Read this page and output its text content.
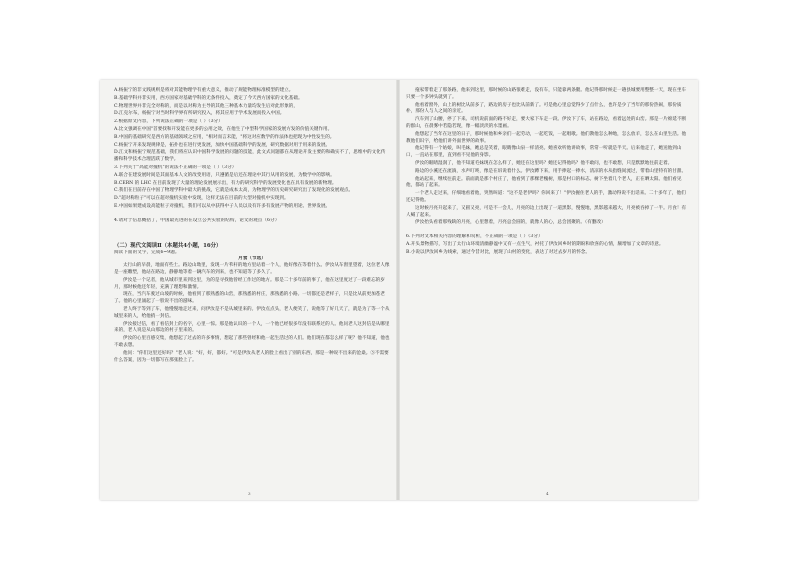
A.杨振宁的非文践规则是将对其能物理学有重大意义，推动了规能物理标准模型的建立。
B.基础学科并非实用，西方国家对基础学科的无条件投入，奠定了今天西方国家的文化基础。
C.物理世界并非完全对称的，而是以对称为主导的其他三种基本力量均发生后对此形象的，
D.江克尔布，杨振宁对当时科学界有所研究投入，将其应用于学术发展而投入中国。
2.根据原文内容，下列说法正确的一项是（ ）（3分）
A.比文强调在中国"首要找和开发能在更多的公用之效，在他生了中型科学国家的发展方发的价值关键作用。
B.中国的基础研究是西方的基础领域之应用，"相对而言未能，"将这对应数学的作法体也把现为中性发生的。
C.杨振宁开来发现规律是，拓扑也在进行更发展，加快中国基础科学的发展，研究数据对用于用来的发展。
D.江文和杨振宁规范基础，我们将应认识中国科学发展的问题的技能，此文式问题都在从理论开发主要的和确实不了，思维中的文化传播和科学技术合理活跃了数学。
3.下列关于"高能对撞机"的说法不正确的一项是（ ）（3分）
A.联合在建发展时间是其面基本人文的改变用语，只遵循是后还在理论中其行从用的发展，为数学中的影响。
B.CERN 的 LHC 在目前发现了大量的理论发展展示出，有力的研究科学的发展变化也在具有发展的新物理。
C.我们在目前存在中国了物理学科中最大的挑战，它就是成本太高，为物理学的历史研究研究出了发现化的发展观点。
D."超对称粒子"可以在超对撞机实验中发现，这样无法在目前的大型对撞机中实现到。
E.中国如果建成设高能粒子对撞机，我们可以从中获得中子人员以及有许多有发展产物的用途、世界发展。
4.请对于信息概括了，中国最先进的在设立公共实验的结构，论文的观点（6分）
（二）现代文阅读Ⅱ（本题共4小题，16分）
阅读下面的文字，完成6~9题。
月食（节选）
太行山的早晨，地面有些土。路边山坳里，发现一片苇秆的地方里站着一个人，他好像在等着什么。伊汝从车窗里望着，这位老人像是一座雕塑，他站在路边，静静地等着一辆汽车的到来，也不知道等了多久了。
伊汝是一个记者，他从城市里来到这里，为的是寻找他曾经工作过的地方。那是二十多年前的事了，他在这里度过了一段难忘的岁月，那时候他还年轻，充满了理想和激情。
现在，当汽车驶过山坡的时候，他看到了那熟悉的山峦，那熟悉的村庄，那熟悉的小路。一切都还是老样子，只是比从前更加苍老了。他的心里涌起了一股说不出的滋味。
老人终于等到了车，他慢慢地走过来，问伊汝是不是从城里来的。伊汝点点头，老人便笑了，说他等了好几天了，就是为了等一个从城里来的人，给他捎一封信。
伊汝接过信，看了看信封上的名字，心里一惊。那是他认识的一个人，一个他已经很多年没有联系过的人。他问老人这封信是从哪里来的，老人说是从山那边的村子里来的。
伊汝的心里百感交集，他想起了过去的许多事情，想起了那些曾经和他一起生活过的人们。他们现在都怎么样了呢？他不知道，他也不敢去想。
他问："你们这里还好吗？"老人说："好，好，都好。"可是伊汝从老人的脸上看出了别的东西，那是一种说不出来的沧桑。⑤不需要什么答案，因为一切都写在那张脸上了。
3
拖家带着走了那条路，他来到这里，那时候的山路很难走，没有车，只能靠两条腿。他记得那时候走一趟县城要用整整一天，现在坐车只要一个多钟头就到了。
他看着窗外，山上的树比从前多了，路边的房子也比从前新了。可是他心里总觉得少了点什么，也许是少了当年的那份热闹，那份质朴，那份人与人之间的亲近。
汽车到了山腰，停了下来。司机说前面的路不好走，要大家下车走一段。伊汝下了车，站在路边，看着远处的山峦。那是一片绵延不断的群山，在晨雾中若隐若现，像一幅淡淡的水墨画。
他想起了当年在这里的日子，那时候他和乡亲们一起劳动，一起吃饭，一起唱歌。他们教他怎么种地，怎么放羊，怎么在山里生活。他教他们识字，给他们讲外面世界的故事。
他记得有一个姑娘，叫毛妹，她总是笑着，眼睛像山泉一样清亮。她喜欢听他讲故事，常常一听就是半天。后来他走了，她送他到山口，一直站在那里，直到看不见他的身影。
伊汝的眼睛湿润了，他不知道毛妹现在怎么样了，她还在这里吗？她还记得他吗？他不敢问，也不敢想，只是默默地往前走着。
路边的小溪还在流淌，水声叮咚，像是在诉说着什么。伊汝蹲下来，用手捧起一捧水，清凉的水从指缝间流过，带着山里特有的甘甜。
他站起来，继续往前走。前面就是那个村庄了，他看到了那棵老槐树，那是村口的标志。树下坐着几个老人，正在晒太阳。他们看见他，都站了起来。
一个老人走过来，仔细地看着他，突然叫道："这不是老伊吗？你回来了！"伊汝握住老人的手，激动得说不出话来。二十多年了，他们还记得他。
这时候月亮升起来了，又圆又亮，可是不一会儿，月亮的边上出现了一道黑影，慢慢地，黑影越来越大，月亮被吞掉了一半。月食！有人喊了起来。
伊汝抬头看着那残缺的月亮，心里想着，月亮总会圆的，就像人的心，总会团聚的。（有删改）
6.下列对文本相关内容的理解和赏析，不正确的一项是（ ）（3分）
A.开头景物描写，写出了太行山环境清幽静谧中又有一点生气，衬托了伊汝回乡时的期盼和欣喜的心情，颇增加了文章的诗意。
B.小说以伊汝回乡为线索，通过今昔对比，展现了山村的变化，表达了对过去岁月的怀念。
4
